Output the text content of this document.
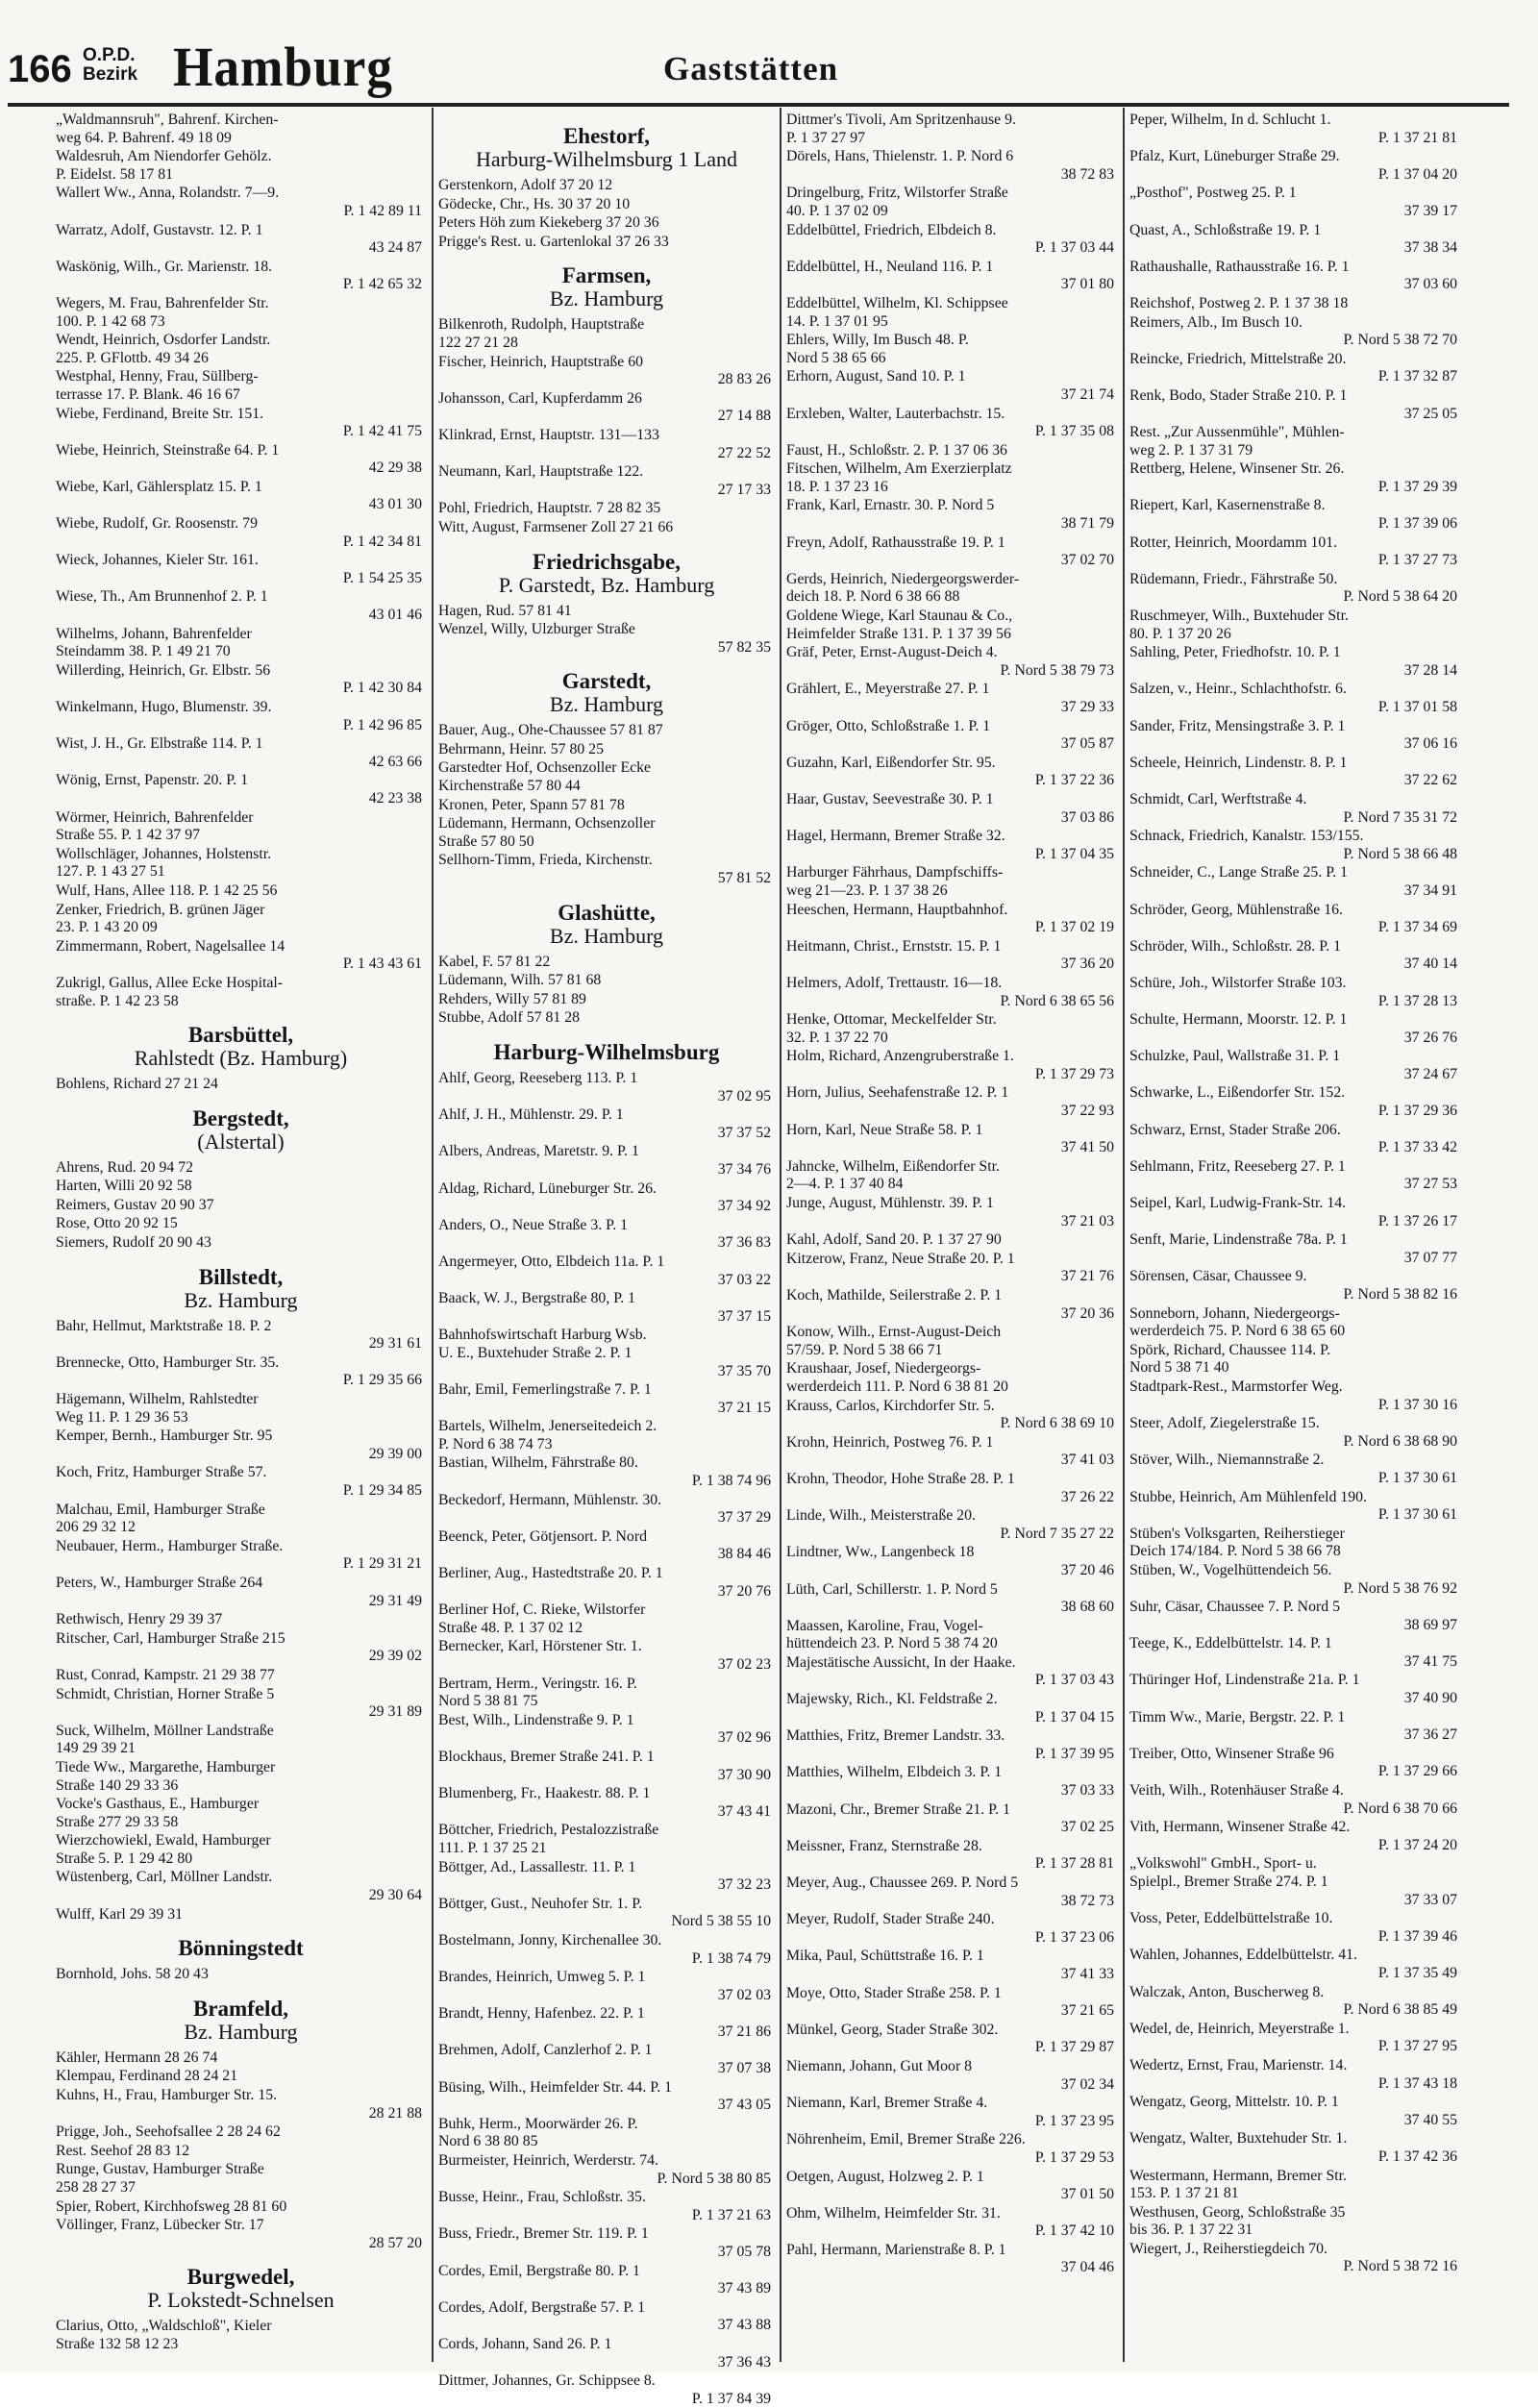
166 O.P.D.
Bezirk Hamburg	Gaststätten
„Waldmannsruh", Bahrenf. Kirchen-
weg 64. P. Bahrenf. 49 18 09
Waldesruh, Am Niendorfer Gehölz.
P. Eidelst. 58 17 81
Wallert Ww., Anna, Rolandstr. 7—9.
P. 1 42 89 11
Warratz, Adolf, Gustavstr. 12. P. 1
43 24 87
Waskönig, Wilh., Gr. Marienstr. 18.
P. 1 42 65 32
Wegers, M. Frau, Bahrenfelder Str.
100. P. 1 42 68 73
Wendt, Heinrich, Osdorfer Landstr.
225. P. GFlottb. 49 34 26
Westphal, Henny, Frau, Süllberg-
terrasse 17. P. Blank. 46 16 67
Wiebe, Ferdinand, Breite Str. 151.
P. 1 42 41 75
Wiebe, Heinrich, Steinstraße 64. P. 1
42 29 38
Wiebe, Karl, Gählersplatz 15. P. 1
43 01 30
Wiebe, Rudolf, Gr. Roosenstr. 79
P. 1 42 34 81
Wieck, Johannes, Kieler Str. 161.
P. 1 54 25 35
Wiese, Th., Am Brunnenhof 2. P. 1
43 01 46
Wilhelms, Johann, Bahrenfelder
Steindamm 38. P. 1 49 21 70
Willerding, Heinrich, Gr. Elbstr. 56
P. 1 42 30 84
Winkelmann, Hugo, Blumenstr. 39.
P. 1 42 96 85
Wist, J. H., Gr. Elbstraße 114. P. 1
42 63 66
Wönig, Ernst, Papenstr. 20. P. 1
42 23 38
Wörmer, Heinrich, Bahrenfelder
Straße 55. P. 1 42 37 97
Wollschläger, Johannes, Holstenstr.
127. P. 1 43 27 51
Wulf, Hans, Allee 118. P. 1 42 25 56
Zenker, Friedrich, B. grünen Jäger
23. P. 1 43 20 09
Zimmermann, Robert, Nagelsallee 14
P. 1 43 43 61
Zukrigl, Gallus, Allee Ecke Hospital-
straße. P. 1 42 23 58
Barsbüttel,
Rahlstedt (Bz. Hamburg)
Bohlens, Richard 27 21 24
Bergstedt,
(Alstertal)
Ahrens, Rud. 20 94 72
Harten, Willi 20 92 58
Reimers, Gustav 20 90 37
Rose, Otto 20 92 15
Siemers, Rudolf 20 90 43
Billstedt,
Bz. Hamburg
Bahr, Hellmut, Marktstraße 18. P. 2
29 31 61
Brennecke, Otto, Hamburger Str. 35.
P. 1 29 35 66
Hägemann, Wilhelm, Rahlstedter
Weg 11. P. 1 29 36 53
Kemper, Bernh., Hamburger Str. 95
29 39 00
Koch, Fritz, Hamburger Straße 57.
P. 1 29 34 85
Malchau, Emil, Hamburger Straße
206 29 32 12
Neubauer, Herm., Hamburger Straße.
P. 1 29 31 21
Peters, W., Hamburger Straße 264
29 31 49
Rethwisch, Henry 29 39 37
Ritscher, Carl, Hamburger Straße 215
29 39 02
Rust, Conrad, Kampstr. 21 29 38 77
Schmidt, Christian, Horner Straße 5
29 31 89
Suck, Wilhelm, Möllner Landstraße
149 29 39 21
Tiede Ww., Margarethe, Hamburger
Straße 140 29 33 36
Vocke's Gasthaus, E., Hamburger
Straße 277 29 33 58
Wierzchowiekl, Ewald, Hamburger
Straße 5. P. 1 29 42 80
Wüstenberg, Carl, Möllner Landstr.
29 30 64
Wulff, Karl 29 39 31
Bönningstedt
Bornhold, Johs. 58 20 43
Bramfeld,
Bz. Hamburg
Kähler, Hermann 28 26 74
Klempau, Ferdinand 28 24 21
Kuhns, H., Frau, Hamburger Str. 15.
28 21 88
Prigge, Joh., Seehofsallee 2 28 24 62
Rest. Seehof 28 83 12
Runge, Gustav, Hamburger Straße
258 28 27 37
Spier, Robert, Kirchhofsweg 28 81 60
Völlinger, Franz, Lübecker Str. 17
28 57 20
Burgwedel,
P. Lokstedt-Schnelsen
Clarius, Otto, „Waldschloß", Kieler
Straße 132 58 12 23
Ehestorf,
Harburg-Wilhelmsburg 1 Land
Gerstenkorn, Adolf 37 20 12
Gödecke, Chr., Hs. 30 37 20 10
Peters Höh zum Kiekeberg 37 20 36
Prigge's Rest. u. Gartenlokal 37 26 33
Farmsen,
Bz. Hamburg
Bilkenroth, Rudolph, Hauptstraße
122 27 21 28
Fischer, Heinrich, Hauptstraße 60
28 83 26
Johansson, Carl, Kupferdamm 26
27 14 88
Klinkrad, Ernst, Hauptstr. 131—133
27 22 52
Neumann, Karl, Hauptstraße 122.
27 17 33
Pohl, Friedrich, Hauptstr. 7 28 82 35
Witt, August, Farmsener Zoll 27 21 66
Friedrichsgabe,
P. Garstedt, Bz. Hamburg
Hagen, Rud. 57 81 41
Wenzel, Willy, Ulzburger Straße
57 82 35
Garstedt,
Bz. Hamburg
Bauer, Aug., Ohe-Chaussee 57 81 87
Behrmann, Heinr. 57 80 25
Garstedter Hof, Ochsenzoller Ecke
Kirchenstraße 57 80 44
Kronen, Peter, Spann 57 81 78
Lüdemann, Hermann, Ochsenzoller
Straße 57 80 50
Sellhorn-Timm, Frieda, Kirchenstr.
57 81 52
Glashütte,
Bz. Hamburg
Kabel, F. 57 81 22
Lüdemann, Wilh. 57 81 68
Rehders, Willy 57 81 89
Stubbe, Adolf 57 81 28
Harburg-Wilhelmsburg
Ahlf, Georg, Reeseberg 113. P. 1
37 02 95
Ahlf, J. H., Mühlenstr. 29. P. 1
37 37 52
Albers, Andreas, Maretstr. 9. P. 1
37 34 76
Aldag, Richard, Lüneburger Str. 26.
37 34 92
Anders, O., Neue Straße 3. P. 1
37 36 83
Angermeyer, Otto, Elbdeich 11a. P. 1
37 03 22
Baack, W. J., Bergstraße 80, P. 1
37 37 15
Bahnhofswirtschaft Harburg Wsb.
U. E., Buxtehuder Straße 2. P. 1
37 35 70
Bahr, Emil, Femerlingstraße 7. P. 1
37 21 15
Bartels, Wilhelm, Jenerseitedeich 2.
P. Nord 6 38 74 73
Bastian, Wilhelm, Fährstraße 80.
P. 1 38 74 96
Beckedorf, Hermann, Mühlenstr. 30.
37 37 29
Beenck, Peter, Götjensort. P. Nord
38 84 46
Berliner, Aug., Hastedtstraße 20. P. 1
37 20 76
Berliner Hof, C. Rieke, Wilstorfer
Straße 48. P. 1 37 02 12
Bernecker, Karl, Hörstener Str. 1.
37 02 23
Bertram, Herm., Veringstr. 16. P.
Nord 5 38 81 75
Best, Wilh., Lindenstraße 9. P. 1
37 02 96
Blockhaus, Bremer Straße 241. P. 1
37 30 90
Blumenberg, Fr., Haakestr. 88. P. 1
37 43 41
Böttcher, Friedrich, Pestalozzistraße
111. P. 1 37 25 21
Böttger, Ad., Lassallestr. 11. P. 1
37 32 23
Böttger, Gust., Neuhofer Str. 1. P.
Nord 5 38 55 10
Bostelmann, Jonny, Kirchenallee 30.
P. 1 38 74 79
Brandes, Heinrich, Umweg 5. P. 1
37 02 03
Brandt, Henny, Hafenbez. 22. P. 1
37 21 86
Brehmen, Adolf, Canzlerhof 2. P. 1
37 07 38
Büsing, Wilh., Heimfelder Str. 44. P. 1
37 43 05
Buhk, Herm., Moorwärder 26. P.
Nord 6 38 80 85
Burmeister, Heinrich, Werderstr. 74.
P. Nord 5 38 80 85
Busse, Heinr., Frau, Schloßstr. 35.
P. 1 37 21 63
Buss, Friedr., Bremer Str. 119. P. 1
37 05 78
Cordes, Emil, Bergstraße 80. P. 1
37 43 89
Cordes, Adolf, Bergstraße 57. P. 1
37 43 88
Cords, Johann, Sand 26. P. 1
37 36 43
Dittmer, Johannes, Gr. Schippsee 8.
P. 1 37 84 39
Dittmer's Tivoli, Am Spritzenhause 9.
P. 1 37 27 97
Dörels, Hans, Thielenstr. 1. P. Nord 6
38 72 83
Dringelburg, Fritz, Wilstorfer Straße
40. P. 1 37 02 09
Eddelbüttel, Friedrich, Elbdeich 8.
P. 1 37 03 44
Eddelbüttel, H., Neuland 116. P. 1
37 01 80
Eddelbüttel, Wilhelm, Kl. Schippsee
14. P. 1 37 01 95
Ehlers, Willy, Im Busch 48. P.
Nord 5 38 65 66
Erhorn, August, Sand 10. P. 1
37 21 74
Erxleben, Walter, Lauterbachstr. 15.
P. 1 37 35 08
Faust, H., Schloßstr. 2. P. 1 37 06 36
Fitschen, Wilhelm, Am Exerzierplatz
18. P. 1 37 23 16
Frank, Karl, Ernastr. 30. P. Nord 5
38 71 79
Freyn, Adolf, Rathausstraße 19. P. 1
37 02 70
Gerds, Heinrich, Niedergeorgswerder-
deich 18. P. Nord 6 38 66 88
Goldene Wiege, Karl Staunau & Co.,
Heimfelder Straße 131. P. 1 37 39 56
Gräf, Peter, Ernst-August-Deich 4.
P. Nord 5 38 79 73
Grählert, E., Meyerstraße 27. P. 1
37 29 33
Gröger, Otto, Schloßstraße 1. P. 1
37 05 87
Guzahn, Karl, Eißendorfer Str. 95.
P. 1 37 22 36
Haar, Gustav, Seevestraße 30. P. 1
37 03 86
Hagel, Hermann, Bremer Straße 32.
P. 1 37 04 35
Harburger Fährhaus, Dampfschiffs-
weg 21—23. P. 1 37 38 26
Heeschen, Hermann, Hauptbahnhof.
P. 1 37 02 19
Heitmann, Christ., Ernststr. 15. P. 1
37 36 20
Helmers, Adolf, Trettaustr. 16—18.
P. Nord 6 38 65 56
Henke, Ottomar, Meckelfelder Str.
32. P. 1 37 22 70
Holm, Richard, Anzengruberstraße 1.
P. 1 37 29 73
Horn, Julius, Seehafenstraße 12. P. 1
37 22 93
Horn, Karl, Neue Straße 58. P. 1
37 41 50
Jahncke, Wilhelm, Eißendorfer Str.
2—4. P. 1 37 40 84
Junge, August, Mühlenstr. 39. P. 1
37 21 03
Kahl, Adolf, Sand 20. P. 1 37 27 90
Kitzerow, Franz, Neue Straße 20. P. 1
37 21 76
Koch, Mathilde, Seilerstraße 2. P. 1
37 20 36
Konow, Wilh., Ernst-August-Deich
57/59. P. Nord 5 38 66 71
Kraushaar, Josef, Niedergeorgs-
werderdeich 111. P. Nord 6 38 81 20
Krauss, Carlos, Kirchdorfer Str. 5.
P. Nord 6 38 69 10
Krohn, Heinrich, Postweg 76. P. 1
37 41 03
Krohn, Theodor, Hohe Straße 28. P. 1
37 26 22
Linde, Wilh., Meisterstraße 20.
P. Nord 7 35 27 22
Lindtner, Ww., Langenbeck 18
37 20 46
Lüth, Carl, Schillerstr. 1. P. Nord 5
38 68 60
Maassen, Karoline, Frau, Vogel-
hüttendeich 23. P. Nord 5 38 74 20
Majestätische Aussicht, In der Haake.
P. 1 37 03 43
Majewsky, Rich., Kl. Feldstraße 2.
P. 1 37 04 15
Matthies, Fritz, Bremer Landstr. 33.
P. 1 37 39 95
Matthies, Wilhelm, Elbdeich 3. P. 1
37 03 33
Mazoni, Chr., Bremer Straße 21. P. 1
37 02 25
Meissner, Franz, Sternstraße 28.
P. 1 37 28 81
Meyer, Aug., Chaussee 269. P. Nord 5
38 72 73
Meyer, Rudolf, Stader Straße 240.
P. 1 37 23 06
Mika, Paul, Schüttstraße 16. P. 1
37 41 33
Moye, Otto, Stader Straße 258. P. 1
37 21 65
Münkel, Georg, Stader Straße 302.
P. 1 37 29 87
Niemann, Johann, Gut Moor 8
37 02 34
Niemann, Karl, Bremer Straße 4.
P. 1 37 23 95
Nöhrenheim, Emil, Bremer Straße 226.
P. 1 37 29 53
Oetgen, August, Holzweg 2. P. 1
37 01 50
Ohm, Wilhelm, Heimfelder Str. 31.
P. 1 37 42 10
Pahl, Hermann, Marienstraße 8. P. 1
37 04 46
Peper, Wilhelm, In d. Schlucht 1.
P. 1 37 21 81
Pfalz, Kurt, Lüneburger Straße 29.
P. 1 37 04 20
„Posthof", Postweg 25. P. 1
37 39 17
Quast, A., Schloßstraße 19. P. 1
37 38 34
Rathaushalle, Rathausstraße 16. P. 1
37 03 60
Reichshof, Postweg 2. P. 1 37 38 18
Reimers, Alb., Im Busch 10.
P. Nord 5 38 72 70
Reincke, Friedrich, Mittelstraße 20.
P. 1 37 32 87
Renk, Bodo, Stader Straße 210. P. 1
37 25 05
Rest. „Zur Aussenmühle", Mühlen-
weg 2. P. 1 37 31 79
Rettberg, Helene, Winsener Str. 26.
P. 1 37 29 39
Riepert, Karl, Kasernenstraße 8.
P. 1 37 39 06
Rotter, Heinrich, Moordamm 101.
P. 1 37 27 73
Rüdemann, Friedr., Fährstraße 50.
P. Nord 5 38 64 20
Ruschmeyer, Wilh., Buxtehuder Str.
80. P. 1 37 20 26
Sahling, Peter, Friedhofstr. 10. P. 1
37 28 14
Salzen, v., Heinr., Schlachthofstr. 6.
P. 1 37 01 58
Sander, Fritz, Mensingstraße 3. P. 1
37 06 16
Scheele, Heinrich, Lindenstr. 8. P. 1
37 22 62
Schmidt, Carl, Werftstraße 4.
P. Nord 7 35 31 72
Schnack, Friedrich, Kanalstr. 153/155.
P. Nord 5 38 66 48
Schneider, C., Lange Straße 25. P. 1
37 34 91
Schröder, Georg, Mühlenstraße 16.
P. 1 37 34 69
Schröder, Wilh., Schloßstr. 28. P. 1
37 40 14
Schüre, Joh., Wilstorfer Straße 103.
P. 1 37 28 13
Schulte, Hermann, Moorstr. 12. P. 1
37 26 76
Schulzke, Paul, Wallstraße 31. P. 1
37 24 67
Schwarke, L., Eißendorfer Str. 152.
P. 1 37 29 36
Schwarz, Ernst, Stader Straße 206.
P. 1 37 33 42
Sehlmann, Fritz, Reeseberg 27. P. 1
37 27 53
Seipel, Karl, Ludwig-Frank-Str. 14.
P. 1 37 26 17
Senft, Marie, Lindenstraße 78a. P. 1
37 07 77
Sörensen, Cäsar, Chaussee 9.
P. Nord 5 38 82 16
Sonneborn, Johann, Niedergeorgs-
werderdeich 75. P. Nord 6 38 65 60
Spörk, Richard, Chaussee 114. P.
Nord 5 38 71 40
Stadtpark-Rest., Marmstorfer Weg.
P. 1 37 30 16
Steer, Adolf, Ziegelerstraße 15.
P. Nord 6 38 68 90
Stöver, Wilh., Niemannstraße 2.
P. 1 37 30 61
Stubbe, Heinrich, Am Mühlenfeld 190.
P. 1 37 30 61
Stüben's Volksgarten, Reiherstieger
Deich 174/184. P. Nord 5 38 66 78
Stüben, W., Vogelhüttendeich 56.
P. Nord 5 38 76 92
Suhr, Cäsar, Chaussee 7. P. Nord 5
38 69 97
Teege, K., Eddelbüttelstr. 14. P. 1
37 41 75
Thüringer Hof, Lindenstraße 21a. P. 1
37 40 90
Timm Ww., Marie, Bergstr. 22. P. 1
37 36 27
Treiber, Otto, Winsener Straße 96
P. 1 37 29 66
Veith, Wilh., Rotenhäuser Straße 4.
P. Nord 6 38 70 66
Vith, Hermann, Winsener Straße 42.
P. 1 37 24 20
„Volkswohl" GmbH., Sport- u.
Spielpl., Bremer Straße 274. P. 1
37 33 07
Voss, Peter, Eddelbüttelstraße 10.
P. 1 37 39 46
Wahlen, Johannes, Eddelbüttelstr. 41.
P. 1 37 35 49
Walczak, Anton, Buscherweg 8.
P. Nord 6 38 85 49
Wedel, de, Heinrich, Meyerstraße 1.
P. 1 37 27 95
Wedertz, Ernst, Frau, Marienstr. 14.
P. 1 37 43 18
Wengatz, Georg, Mittelstr. 10. P. 1
37 40 55
Wengatz, Walter, Buxtehuder Str. 1.
P. 1 37 42 36
Westermann, Hermann, Bremer Str.
153. P. 1 37 21 81
Westhusen, Georg, Schloßstraße 35
bis 36. P. 1 37 22 31
Wiegert, J., Reiherstiegdeich 70.
P. Nord 5 38 72 16
